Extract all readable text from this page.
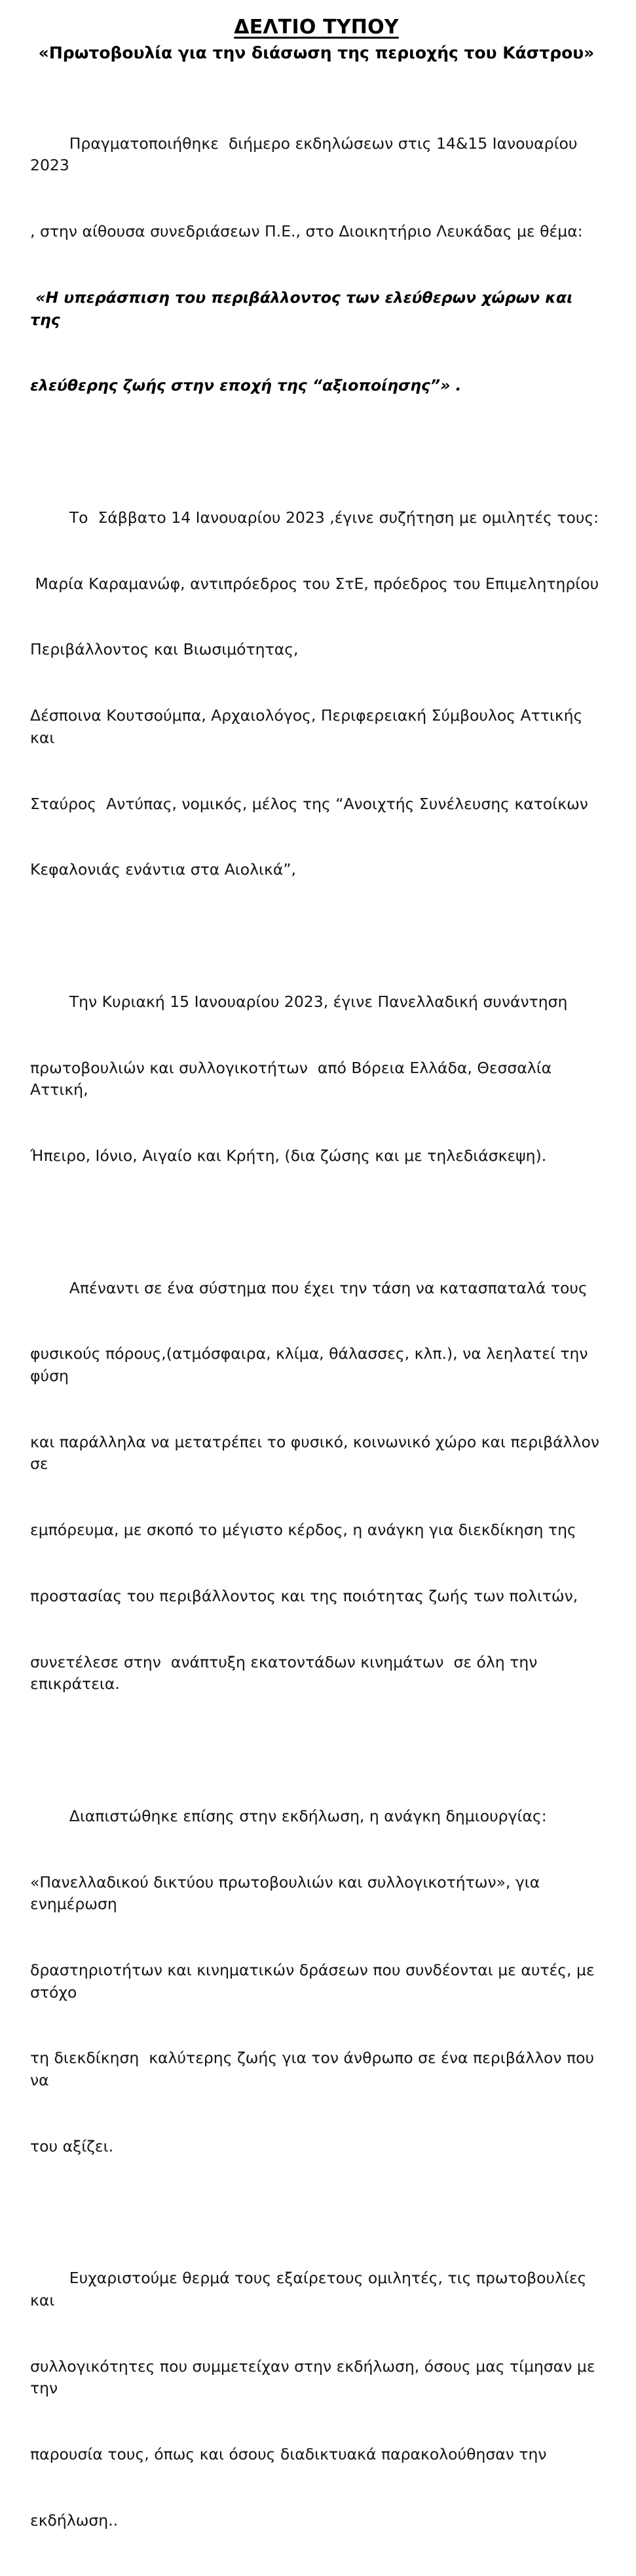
ΔΕΛΤΙΟ ΤΥΠΟΥ
«Πρωτοβουλία για την διάσωση της περιοχής του Κάστρου»

Πραγματοποιήθηκε  διήμερο εκδηλώσεων στις 14&15 Ιανουαρίου 2023

, στην αίθουσα συνεδριάσεων Π.Ε., στο Διοικητήριο Λευκάδας με θέμα:

«Η υπεράσπιση του περιβάλλοντος των ελεύθερων χώρων και της

ελεύθερης ζωής στην εποχή της “αξιοποίησης”» .

Το  Σάββατο 14 Ιανουαρίου 2023 ,έγινε συζήτηση με ομιλητές τους:

Μαρία Καραμανώφ, αντιπρόεδρος του ΣτΕ, πρόεδρος του Επιμελητηρίου

Περιβάλλοντος και Βιωσιμότητας,

Δέσποινα Κουτσούμπα, Αρχαιολόγος, Περιφερειακή Σύμβουλος Αττικής και

Σταύρος  Αντύπας, νομικός, μέλος της “Ανοιχτής Συνέλευσης κατοίκων

Κεφαλονιάς ενάντια στα Αιολικά”,

Την Κυριακή 15 Ιανουαρίου 2023, έγινε Πανελλαδική συνάντηση

πρωτοβουλιών και συλλογικοτήτων  από Βόρεια Ελλάδα, Θεσσαλία Αττική,

Ήπειρο, Ιόνιο, Αιγαίο και Κρήτη, (δια ζώσης και με τηλεδιάσκεψη).

Απέναντι σε ένα σύστημα που έχει την τάση να κατασπαταλά τους

φυσικούς πόρους,(ατμόσφαιρα, κλίμα, θάλασσες, κλπ.), να λεηλατεί την φύση

και παράλληλα να μετατρέπει το φυσικό, κοινωνικό χώρο και περιβάλλον σε

εμπόρευμα, με σκοπό το μέγιστο κέρδος, η ανάγκη για διεκδίκηση της

προστασίας του περιβάλλοντος και της ποιότητας ζωής των πολιτών,

συνετέλεσε στην  ανάπτυξη εκατοντάδων κινημάτων  σε όλη την επικράτεια.

Διαπιστώθηκε επίσης στην εκδήλωση, η ανάγκη δημιουργίας:

«Πανελλαδικού δικτύου πρωτοβουλιών και συλλογικοτήτων», για ενημέρωση

δραστηριοτήτων και κινηματικών δράσεων που συνδέονται με αυτές, με στόχο

τη διεκδίκηση  καλύτερης ζωής για τον άνθρωπο σε ένα περιβάλλον που να

του αξίζει.

Ευχαριστούμε θερμά τους εξαίρετους ομιλητές, τις πρωτοβουλίες και

συλλογικότητες που συμμετείχαν στην εκδήλωση, όσους μας τίμησαν με την

παρουσία τους, όπως και όσους διαδικτυακά παρακολούθησαν την

εκδήλωση..
